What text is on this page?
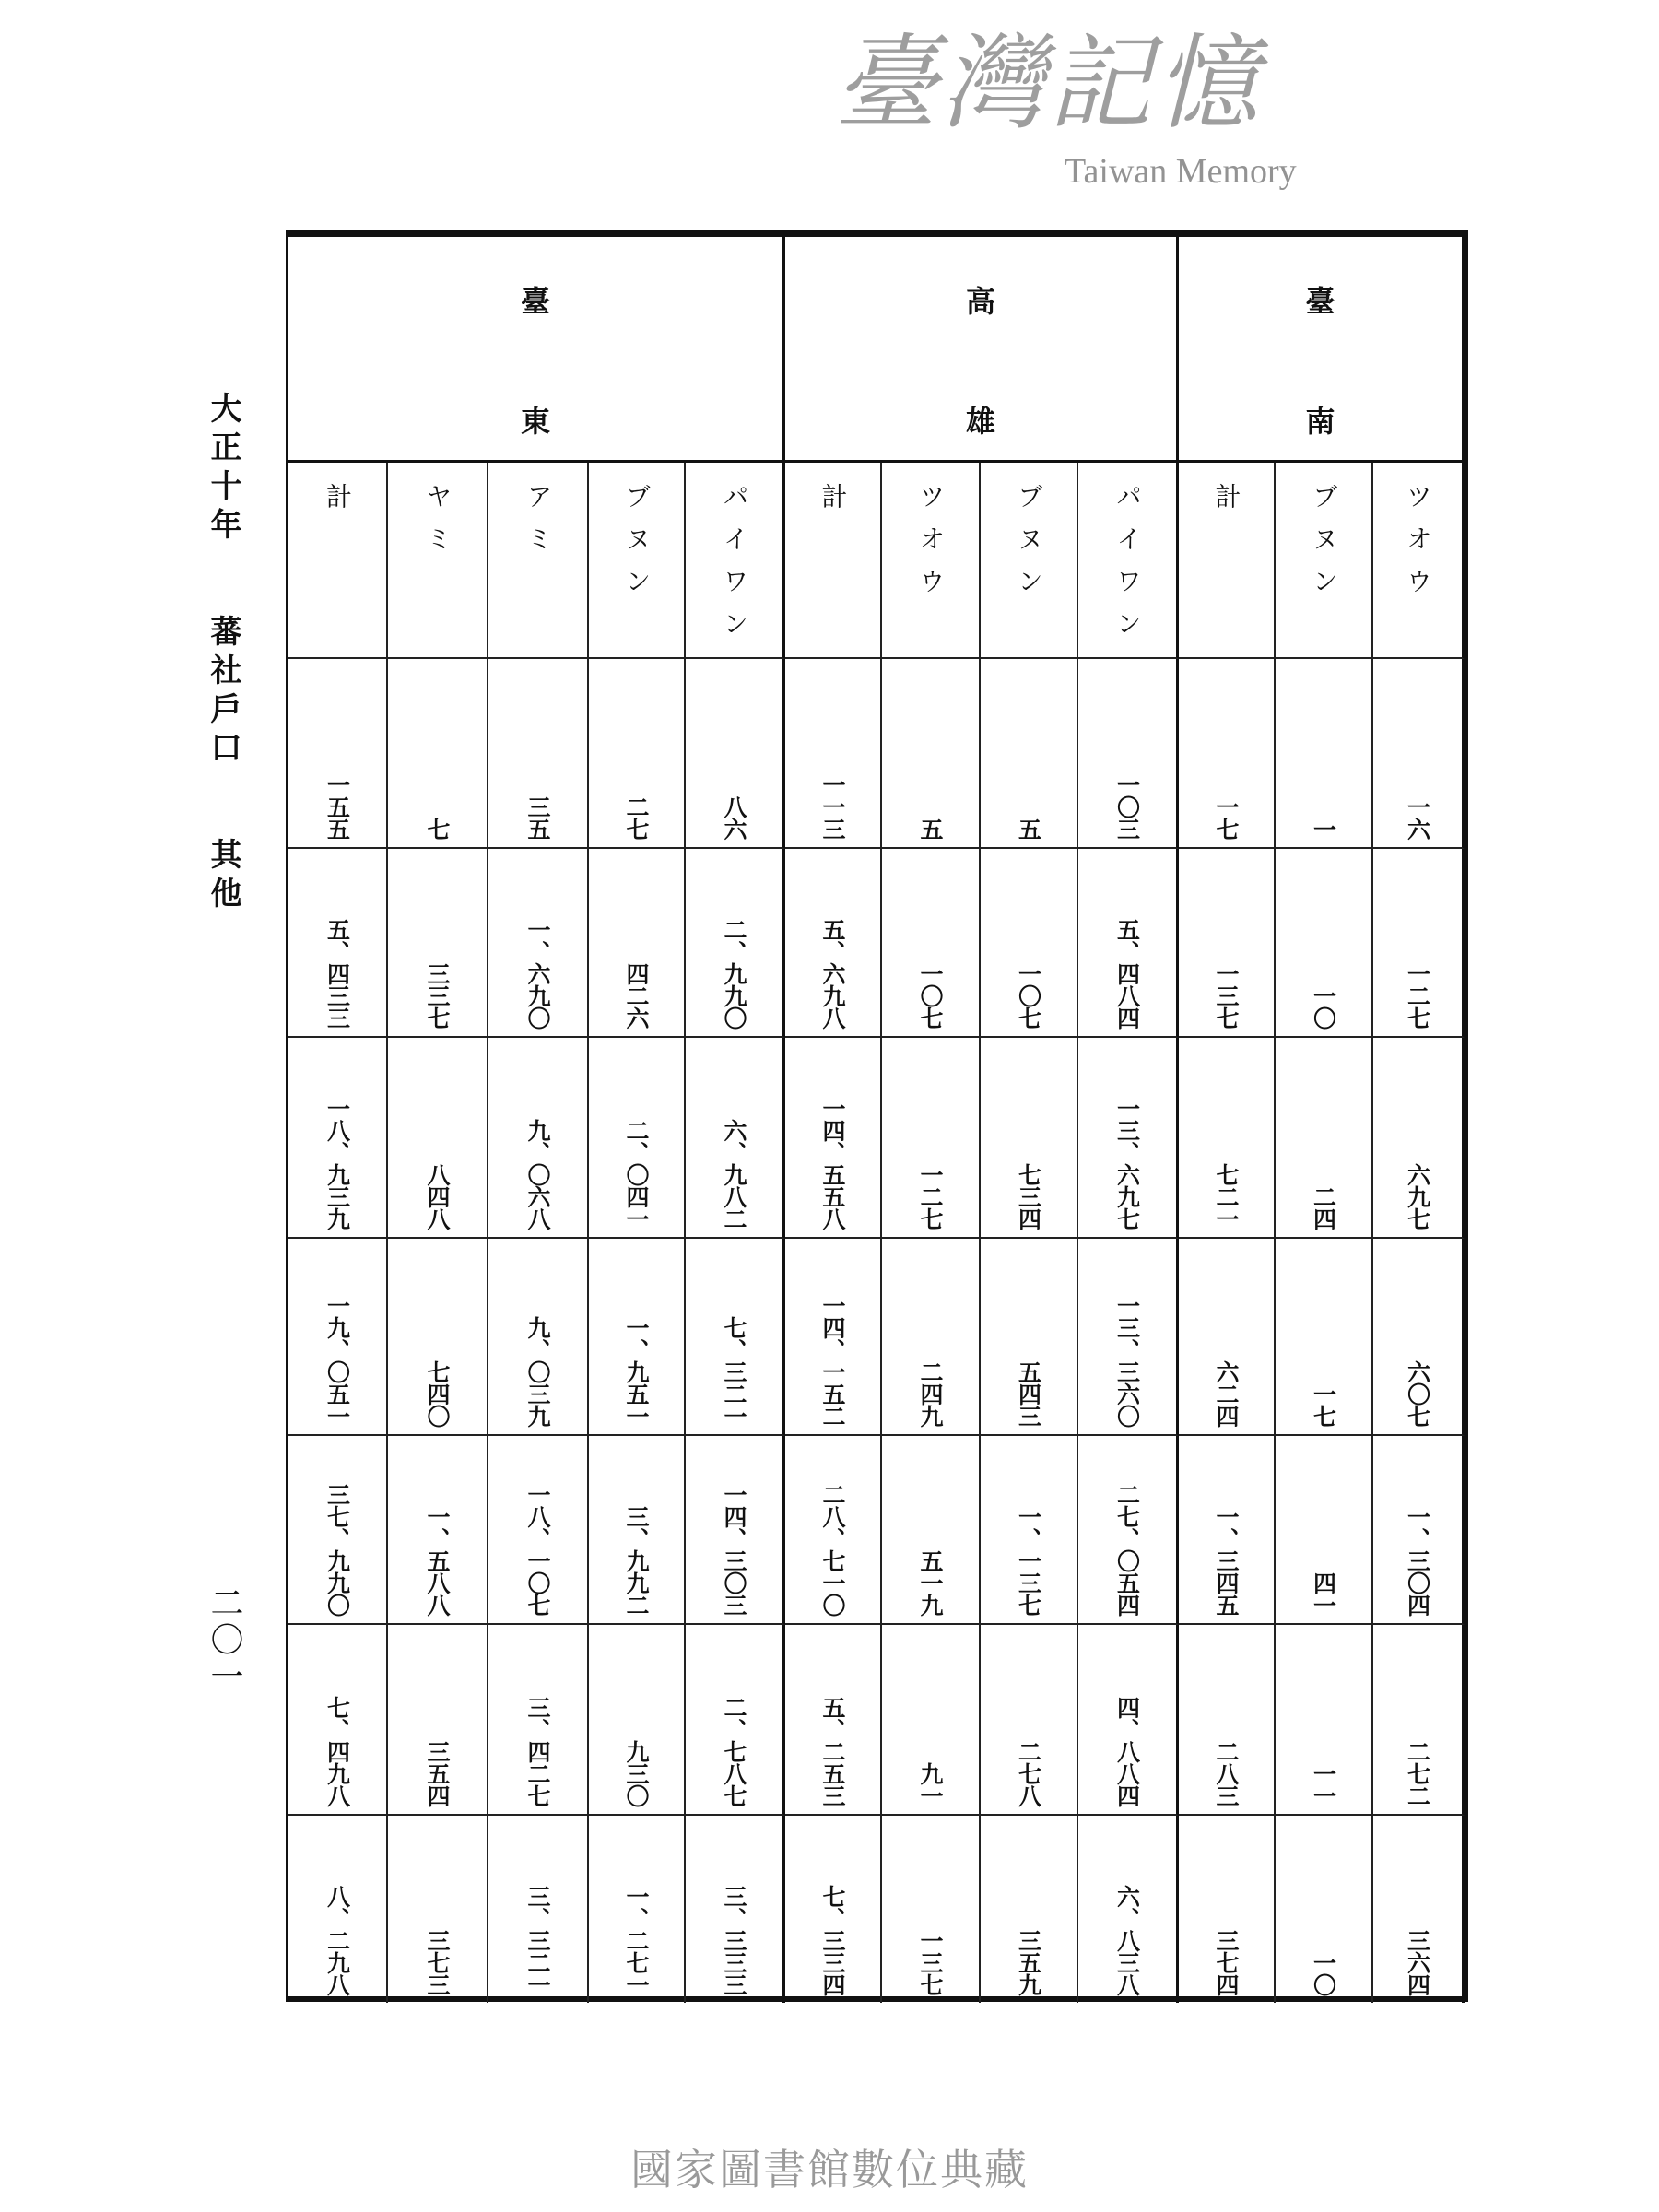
大正十年 蕃社戶口 其他
二〇一
臺
東
計	ヤミ	アミ	ブヌン	パイワン
高
雄
計	ツオウ	ブヌン	パイワン
臺
南
計	ブヌン ツオウ
一五五	七	三五	二七	八六	一一三	五	五	一〇三	一七	一	一六
五、四三三	三三七	一、六九〇	四二六	二、九九〇	五、六九八	一〇七	一〇七	五、四八四	一三七	一〇	一二七
一八、九三九	八四八	九、〇六八	二、〇四一	六、九八二	一四、五五八	一二七	七三四	一三、六九七	七二一	二四	六九七
一九、〇五一	七四〇	九、〇三九	一、九五一	七、三二一	一四、一五二	二四九	五四三	一三、三六〇	六二四	一七	六〇七
三七、九九〇	一、五八八	一八、一〇七	三、九九二	一四、三〇三	二八、七一〇	五一九	一、一三七	二七、〇五四	一、三四五	四一	一、三〇四
七、四九八	三五四	三、四二七	九三〇	二、七八七	五、二五三	九一	二七八	四、八八四	二八三	一一	二七二
八、二九八	三七三	三、三二一	一、二七一	三、三三三	七、三三四	一三七	三五九	六、八三八	三七四	一〇	三六四
臺灣記憶
Taiwan Memory
國家圖書館數位典藏
